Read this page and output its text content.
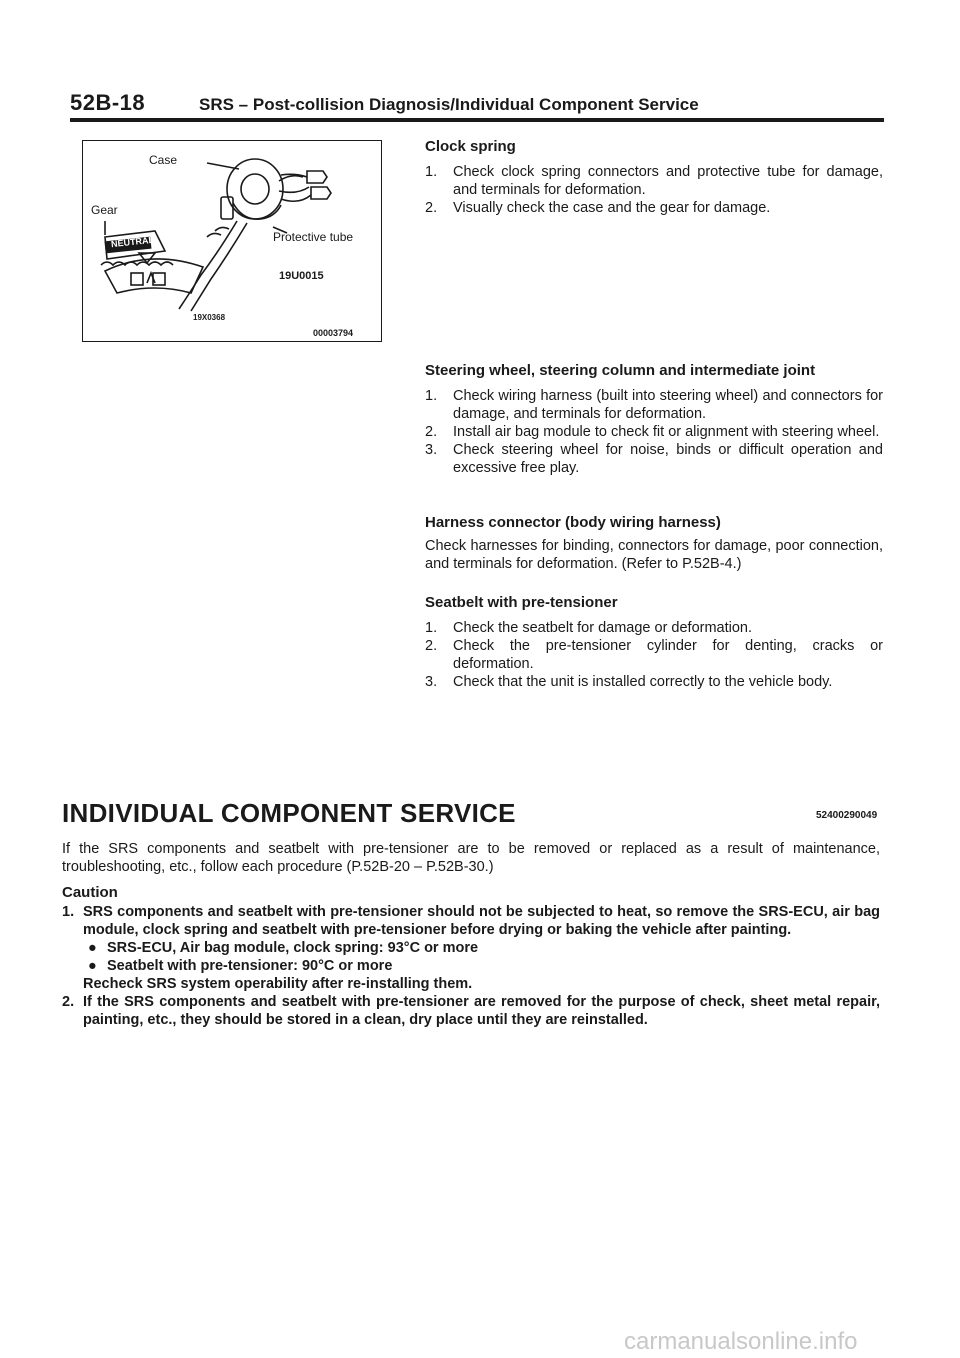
52B-18	SRS – Post-collision Diagnosis/Individual Component Service
Case
Gear
NEUTRAL	Protective tube
19U0015
19X0368
00003794
Clock spring
1. Check clock spring connectors and protective tube for damage, and terminals for deformation.
2. Visually check the case and the gear for damage.
Steering wheel, steering column and intermediate joint
1. Check wiring harness (built into steering wheel) and connectors for damage, and terminals for deformation.
2. Install air bag module to check fit or alignment with steering wheel.
3. Check steering wheel for noise, binds or difficult operation and excessive free play.
Harness connector (body wiring harness)

Check harnesses for binding, connectors for damage, poor connection, and terminals for deformation. (Refer to P.52B-4.)

Seatbelt with pre-tensioner
1. Check the seatbelt for damage or deformation.
2. Check the pre-tensioner cylinder for denting, cracks or deformation.
3. Check that the unit is installed correctly to the vehicle body.
INDIVIDUAL COMPONENT SERVICE	52400290049

If the SRS components and seatbelt with pre-tensioner are to be removed or replaced as a result of maintenance, troubleshooting, etc., follow each procedure (P.52B-20 – P.52B-30.)

Caution
1. SRS components and seatbelt with pre-tensioner should not be subjected to heat, so remove the SRS-ECU, air bag module, clock spring and seatbelt with pre-tensioner before drying or baking the vehicle after painting.
● SRS-ECU, Air bag module, clock spring: 93°C or more
● Seatbelt with pre-tensioner: 90°C or more
Recheck SRS system operability after re-installing them.
2. If the SRS components and seatbelt with pre-tensioner are removed for the purpose of check, sheet metal repair, painting, etc., they should be stored in a clean, dry place until they are reinstalled.
carmanualsonline.info
